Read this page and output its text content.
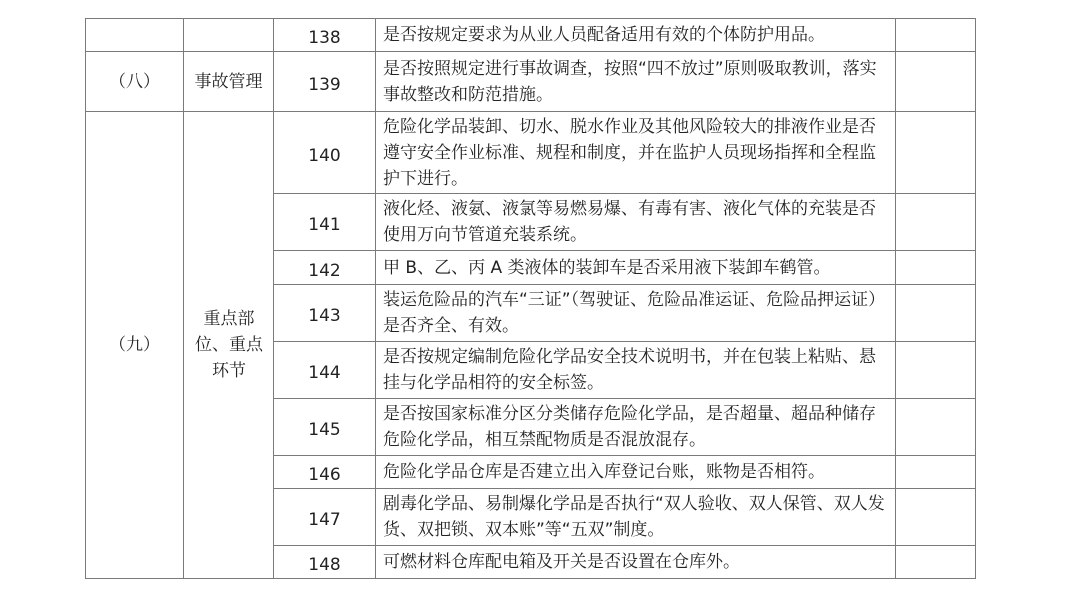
		138	是否按规定要求为从业人员配备适用有效的个体防护用品。	
（八）	事故管理	139	是否按照规定进行事故调查，按照“四不放过”原则吸取教训，落实事故整改和防范措施。	
（九）	重点部位、重点环节	140	危险化学品装卸、切水、脱水作业及其他风险较大的排液作业是否遵守安全作业标准、规程和制度，并在监护人员现场指挥和全程监护下进行。	
		141	液化烃、液氨、液氯等易燃易爆、有毒有害、液化气体的充装是否使用万向节管道充装系统。	
		142	甲 B、乙、丙 A 类液体的装卸车是否采用液下装卸车鹤管。	
		143	装运危险品的汽车“三证”（驾驶证、危险品准运证、危险品押运证）是否齐全、有效。	
		144	是否按规定编制危险化学品安全技术说明书，并在包装上粘贴、悬挂与化学品相符的安全标签。	
		145	是否按国家标准分区分类储存危险化学品，是否超量、超品种储存危险化学品，相互禁配物质是否混放混存。	
		146	危险化学品仓库是否建立出入库登记台账，账物是否相符。	
		147	剧毒化学品、易制爆化学品是否执行“双人验收、双人保管、双人发货、双把锁、双本账”等“五双”制度。	
		148	可燃材料仓库配电箱及开关是否设置在仓库外。	
